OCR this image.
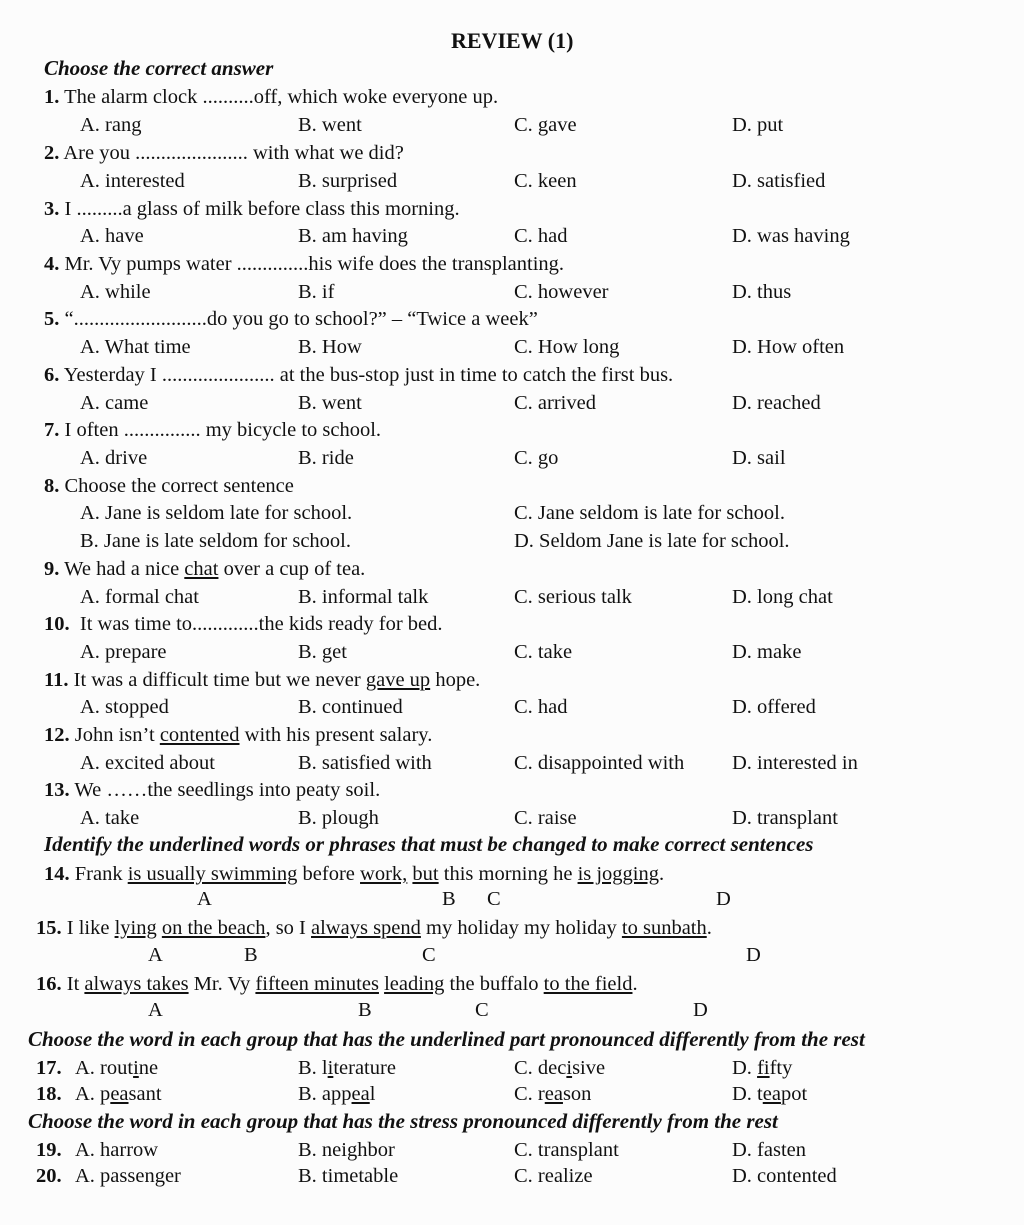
REVIEW (1)
Choose the correct answer
1. The alarm clock ..........off, which woke everyone up.
A. rang	B. went	C. gave	D. put
2. Are you ...................... with what we did?
A. interested	B. surprised	C. keen	D. satisfied
3. I .........a glass of milk before class this morning.
A. have	B. am having	C. had	D. was having
4. Mr. Vy pumps water ..............his wife does the transplanting.
A. while	B. if	C. however	D. thus
5. “..........................do you go to school?” – “Twice a week”
A. What time	B. How	C. How long	D. How often
6. Yesterday I ...................... at the bus-stop just in time to catch the first bus.
A. came	B. went	C. arrived	D. reached
7. I often ............... my bicycle to school.
A. drive	B. ride	C. go	D. sail
8. Choose the correct sentence
A. Jane is seldom late for school.	C. Jane seldom is late for school.
B. Jane is late seldom for school.	D. Seldom Jane is late for school.
9. We had a nice chat over a cup of tea.
A. formal chat	B. informal talk	C. serious talk	D. long chat
10. It was time to.............the kids ready for bed.
A. prepare	B. get	C. take	D. make
11. It was a difficult time but we never gave up hope.
A. stopped	B. continued	C. had	D. offered
12. John isn’t contented with his present salary.
A. excited about	B. satisfied with	C. disappointed with D. interested in
13. We ……the seedlings into peaty soil.
A. take	B. plough	C. raise	D. transplant
Identify the underlined words or phrases that must be changed to make correct sentences
14. Frank is usually swimming before work, but this morning he is jogging.
A	B C	D
15. I like lying on the beach, so I always spend my holiday my holiday to sunbath.
A	B	C	D
16. It always takes Mr. Vy fifteen minutes leading the buffalo to the field.
A	B	C	D
Choose the word in each group that has the underlined part pronounced differently from the rest
17. A. routine	B. literature	C. decisive	D. fifty
18. A. peasant	B. appeal	C. reason	D. teapot
Choose the word in each group that has the stress pronounced differently from the rest
19. A. harrow	B. neighbor	C. transplant	D. fasten
20. A. passenger	B. timetable	C. realize	D. contented
